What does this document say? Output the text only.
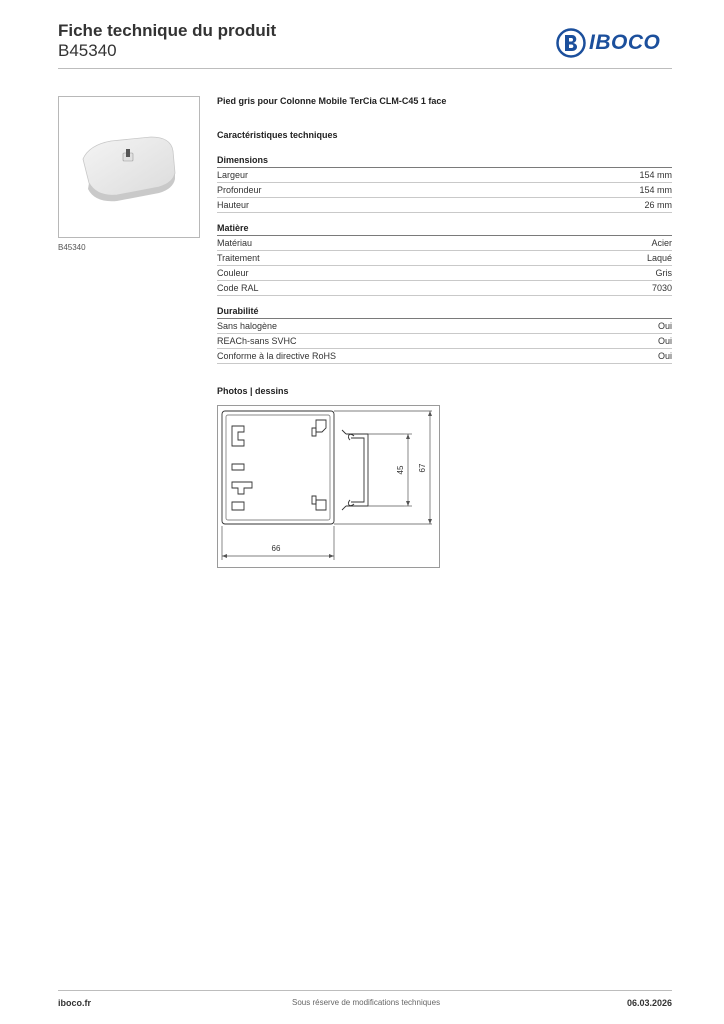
Fiche technique du produit
B45340	IBOCO
B45340
Pied gris pour Colonne Mobile TerCia CLM-C45 1 face
Caractéristiques techniques
Dimensions
Largeur	154 mm
Profondeur	154 mm
Hauteur	26 mm
Matière
Matériau	Acier
Traitement	Laqué
Couleur	Gris
Code RAL	7030
Durabilité
Sans halogène	Oui
REACh-sans SVHC	Oui
Conforme à la directive RoHS	Oui
Photos | dessins
45 67
66
iboco.fr	Sous réserve de modifications techniques	06.03.2026
